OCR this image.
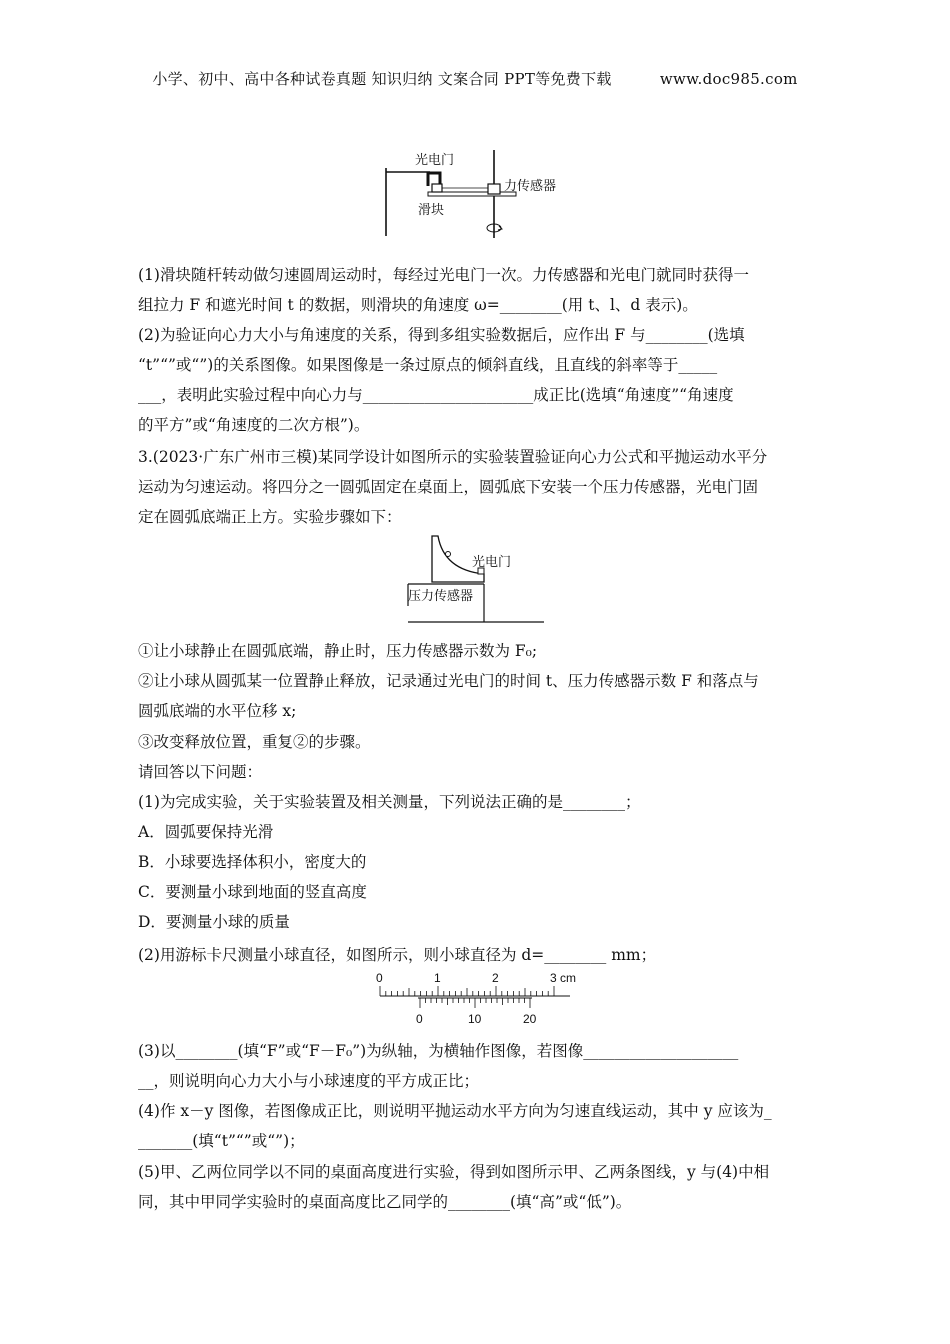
小学、初中、高中各种试卷真题 知识归纳 文案合同 PPT等免费下载	www.doc985.com
光电门
力传感器
滑块
(1)滑块随杆转动做匀速圆周运动时，每经过光电门一次。力传感器和光电门就同时获得一
组拉力 F 和遮光时间 t 的数据，则滑块的角速度 ω=________(用 t、l、d 表示)。
(2)为验证向心力大小与角速度的关系，得到多组实验数据后，应作出 F 与________(选填
“t”“”或“”)的关系图像。如果图像是一条过原点的倾斜直线，且直线的斜率等于_____
___，表明此实验过程中向心力与______________________成正比(选填“角速度”“角速度
的平方”或“角速度的二次方根”)。
3.(2023·广东广州市三模)某同学设计如图所示的实验装置验证向心力公式和平抛运动水平分
运动为匀速运动。将四分之一圆弧固定在桌面上，圆弧底下安装一个压力传感器，光电门固
定在圆弧底端正上方。实验步骤如下：
光电门
压力传感器
①让小球静止在圆弧底端，静止时，压力传感器示数为 F₀;
②让小球从圆弧某一位置静止释放，记录通过光电门的时间 t、压力传感器示数 F 和落点与
圆弧底端的水平位移 x;
③改变释放位置，重复②的步骤。
请回答以下问题：
(1)为完成实验，关于实验装置及相关测量，下列说法正确的是________；
A．圆弧要保持光滑
B．小球要选择体积小，密度大的
C．要测量小球到地面的竖直高度
D．要测量小球的质量
(2)用游标卡尺测量小球直径，如图所示，则小球直径为 d=________ mm；
0	1	2	3 cm
0	10	20
(3)以________(填“F”或“F－F₀”)为纵轴，为横轴作图像，若图像____________________
__，则说明向心力大小与小球速度的平方成正比；
(4)作 x－y 图像，若图像成正比，则说明平抛运动水平方向为匀速直线运动，其中 y 应该为_
_______(填“t”“”或“”)；
(5)甲、乙两位同学以不同的桌面高度进行实验，得到如图所示甲、乙两条图线，y 与(4)中相
同，其中甲同学实验时的桌面高度比乙同学的________(填“高”或“低”)。
